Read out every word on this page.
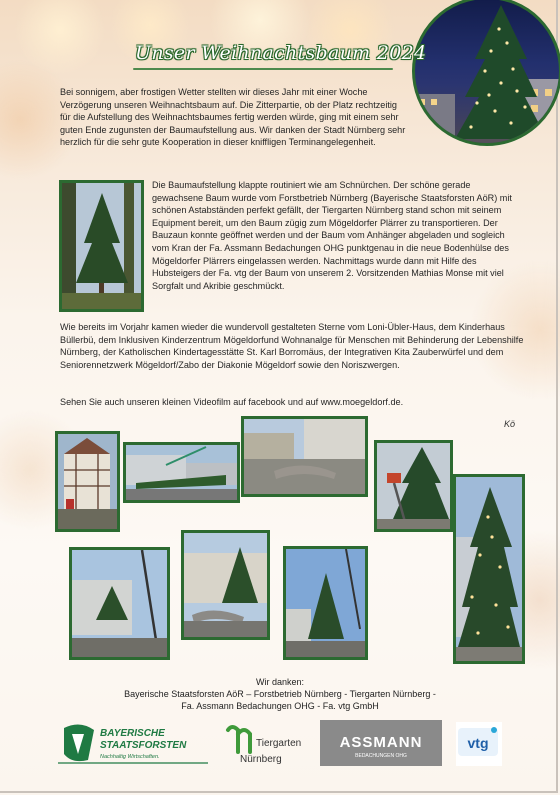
Unser Weihnachtsbaum 2024

Bei sonnigem, aber frostigen Wetter stellten wir dieses Jahr mit einer Woche Verzögerung unseren Weihnachtsbaum auf. Die Zitterpartie, ob der Platz rechtzeitig für die Aufstellung des Weihnachtsbaumes fertig werden würde, ging mit einem sehr guten Ende zugunsten der Baumaufstellung aus. Wir danken der Stadt Nürnberg sehr herzlich für die sehr gute Kooperation in dieser kniffligen Terminangelegenheit.

Die Baumaufstellung klappte routiniert wie am Schnürchen. Der schöne gerade gewachsene Baum wurde vom Forstbetrieb Nürnberg (Bayerische Staatsforsten AöR) mit schönen Astabständen perfekt gefällt, der Tiergarten Nürnberg stand schon mit seinem Equipment bereit, um den Baum zügig zum Mögeldorfer Plärrer zu transportieren. Der Bauzaun konnte geöffnet werden und der Baum vom Anhänger abgeladen und sogleich vom Kran der Fa. Assmann Bedachungen OHG punktgenau in die neue Bodenhülse des Mögeldorfer Plärrers eingelassen werden. Nachmittags wurde dann mit Hilfe des Hubsteigers der Fa. vtg der Baum von unserem 2. Vorsitzenden Mathias Monse mit viel Sorgfalt und Akribie geschmückt.

Wie bereits im Vorjahr kamen wieder die wundervoll gestalteten Sterne vom Loni-Übler-Haus, dem Kinderhaus Büllerbü, dem Inklusiven Kinderzentrum Mögeldorfund Wohnanalge für Menschen mit Behinderung der Lebenshilfe Nürnberg, der Katholischen Kindertagesstätte St. Karl Borromäus, der Integrativen Kita Zauberwürfel und dem Seniorennetzwerk Mögeldorf/Zabo der Diakonie Mögeldorf sowie den Noriszwergen.

Sehen Sie auch unseren kleinen Videofilm auf facebook und auf www.moegeldorf.de.

Kö
Wir danken:
Bayerische Staatsforsten AöR – Forstbetrieb Nürnberg - Tiergarten Nürnberg -
Fa. Assmann Bedachungen OHG - Fa. vtg GmbH
BAYERISCHE
STAATSFORSTEN
Nachhaltig Wirtschaften.
Tiergarten
Nürnberg
ASSMANN
BEDACHUNGEN OHG
vtg
